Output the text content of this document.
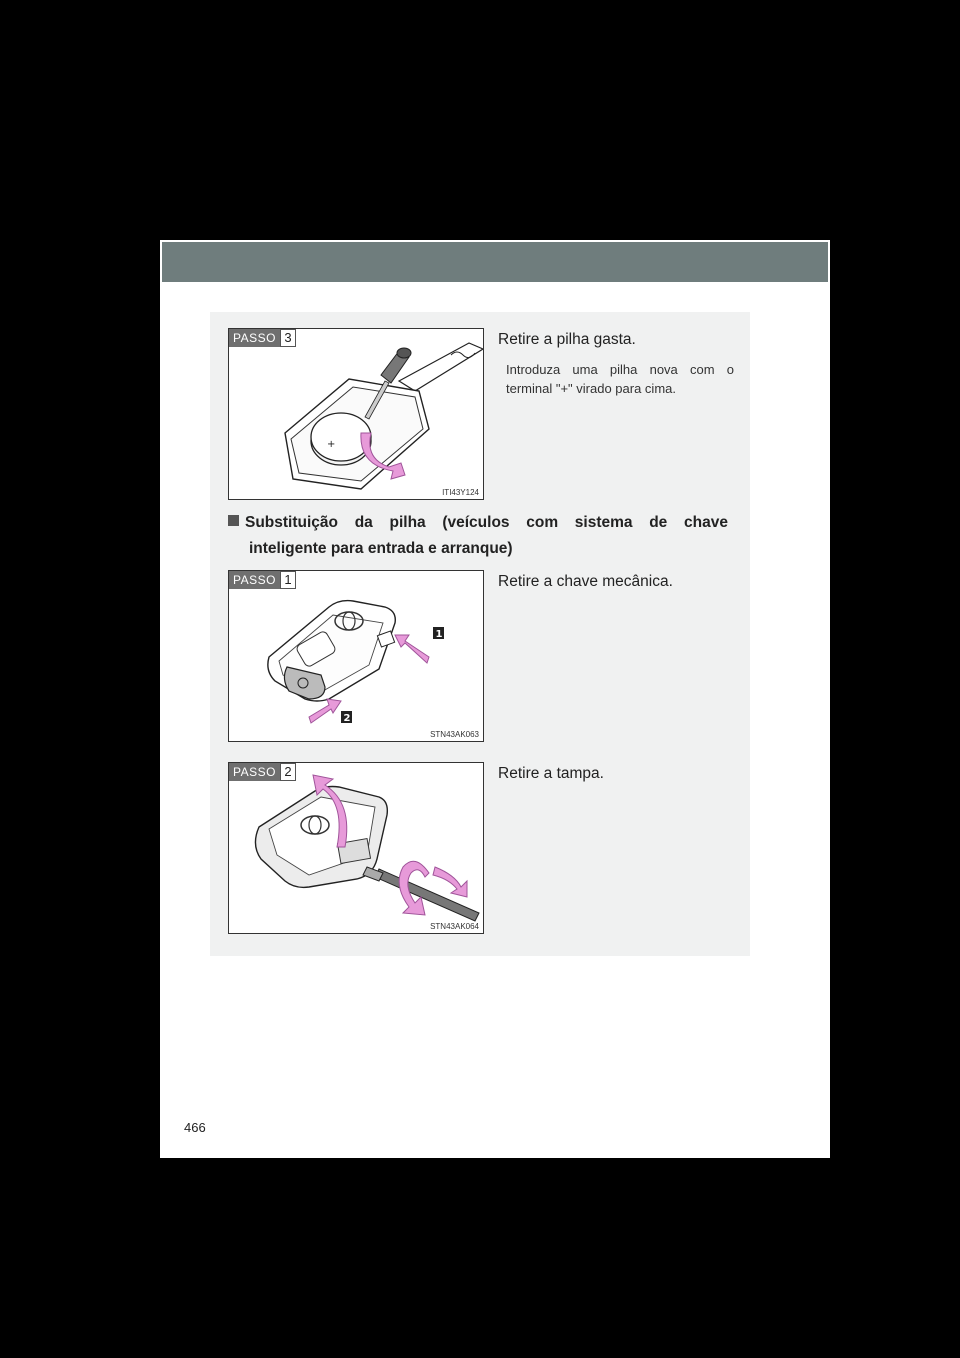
PASSO 3
+
ITI43Y124
Retire a pilha gasta.
Introduza uma pilha nova com o terminal "+" virado para cima.
Substituição da pilha (veículos com sistema de chave
inteligente para entrada e arranque)
PASSO 1
1
2
STN43AK063
Retire a chave mecânica.
PASSO 2
STN43AK064
Retire a tampa.
466
